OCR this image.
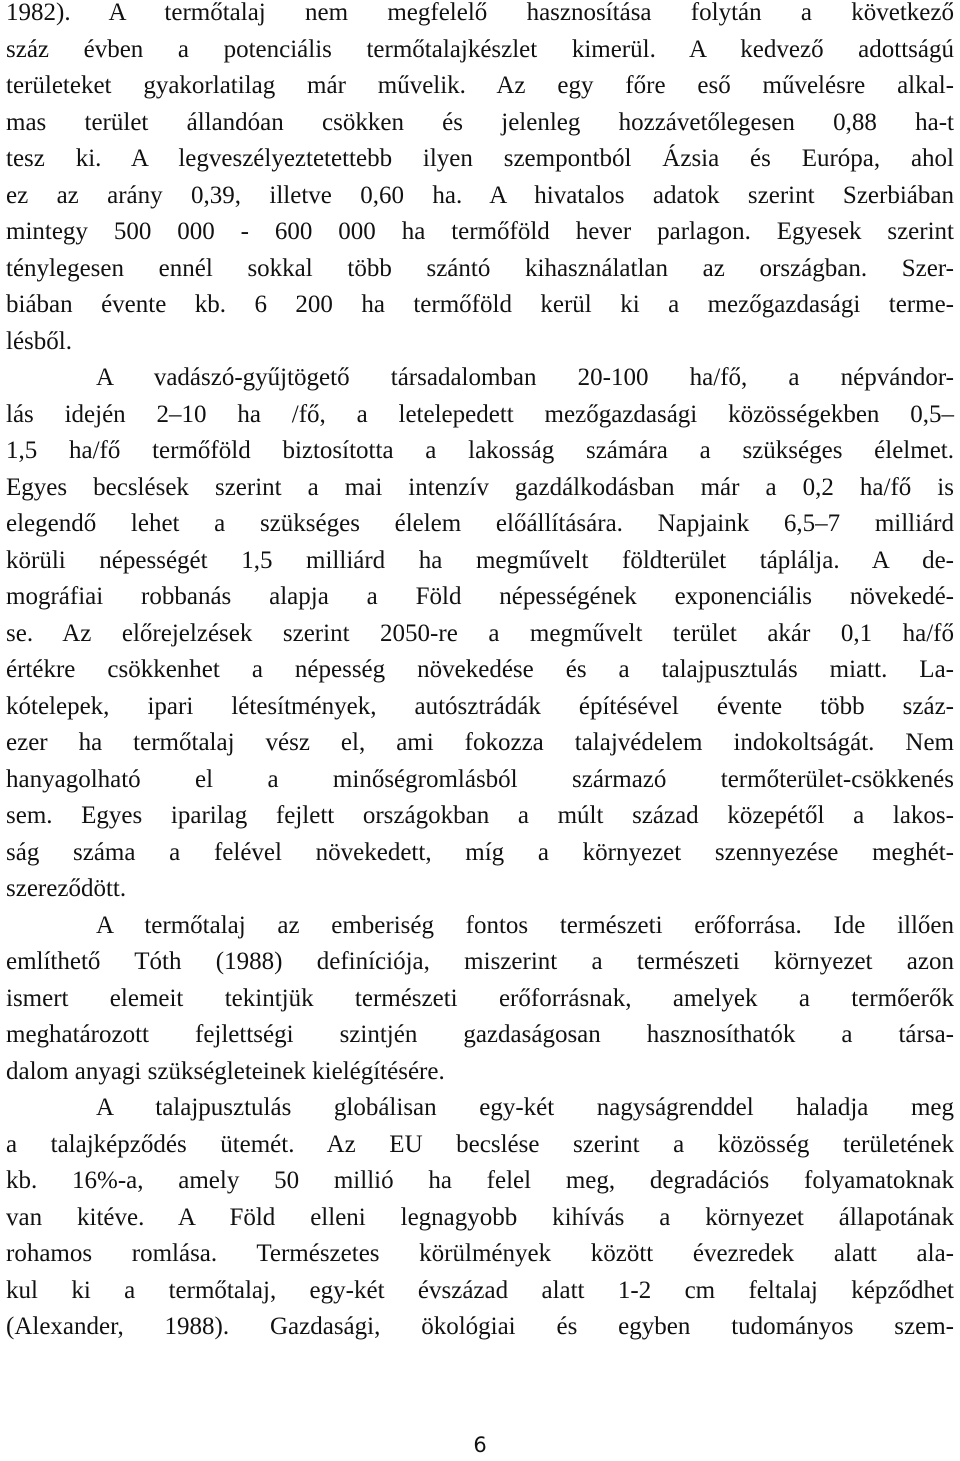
1982). A termőtalaj nem megfelelő hasznosítása folytán a következő
száz évben a potenciális termőtalajkészlet kimerül. A kedvező adottságú
területeket gyakorlatilag már művelik. Az egy főre eső művelésre alkal-
mas terület állandóan csökken és jelenleg hozzávetőlegesen 0,88 ha-t
tesz ki. A legveszélyeztetettebb ilyen szempontból Ázsia és Európa, ahol
ez az arány 0,39, illetve 0,60 ha. A hivatalos adatok szerint Szerbiában
mintegy 500 000 - 600 000 ha termőföld hever parlagon. Egyesek szerint
ténylegesen ennél sokkal több szántó kihasználatlan az országban. Szer-
biában évente kb. 6 200 ha termőföld kerül ki a mezőgazdasági terme-
lésből.
A vadászó-gyűjtögető társadalomban 20-100 ha/fő, a népvándor-
lás idején 2–10 ha /fő, a letelepedett mezőgazdasági közösségekben 0,5–
1,5 ha/fő termőföld biztosította a lakosság számára a szükséges élelmet.
Egyes becslések szerint a mai intenzív gazdálkodásban már a 0,2 ha/fő is
elegendő lehet a szükséges élelem előállítására. Napjaink 6,5–7 milliárd
körüli népességét 1,5 milliárd ha megművelt földterület táplálja. A de-
mográfiai robbanás alapja a Föld népességének exponenciális növekedé-
se. Az előrejelzések szerint 2050-re a megművelt terület akár 0,1 ha/fő
értékre csökkenhet a népesség növekedése és a talajpusztulás miatt. La-
kótelepek, ipari létesítmények, autósztrádák építésével évente több száz-
ezer ha termőtalaj vész el, ami fokozza talajvédelem indokoltságát. Nem
hanyagolható el a minőségromlásból származó termőterület-csökkenés
sem. Egyes iparilag fejlett országokban a múlt század közepétől a lakos-
ság száma a felével növekedett, míg a környezet szennyezése meghét-
szereződött.
A termőtalaj az emberiség fontos természeti erőforrása. Ide illően
említhető Tóth (1988) definíciója, miszerint a természeti környezet azon
ismert elemeit tekintjük természeti erőforrásnak, amelyek a termőerők
meghatározott fejlettségi szintjén gazdaságosan hasznosíthatók a társa-
dalom anyagi szükségleteinek kielégítésére.
A talajpusztulás globálisan egy-két nagyságrenddel haladja meg
a talajképződés ütemét. Az EU becslése szerint a közösség területének
kb. 16%-a, amely 50 millió ha felel meg, degradációs folyamatoknak
van kitéve. A Föld elleni legnagyobb kihívás a környezet állapotának
rohamos romlása. Természetes körülmények között évezredek alatt ala-
kul ki a termőtalaj, egy-két évszázad alatt 1-2 cm feltalaj képződhet
(Alexander, 1988). Gazdasági, ökológiai és egyben tudományos szem-
6
